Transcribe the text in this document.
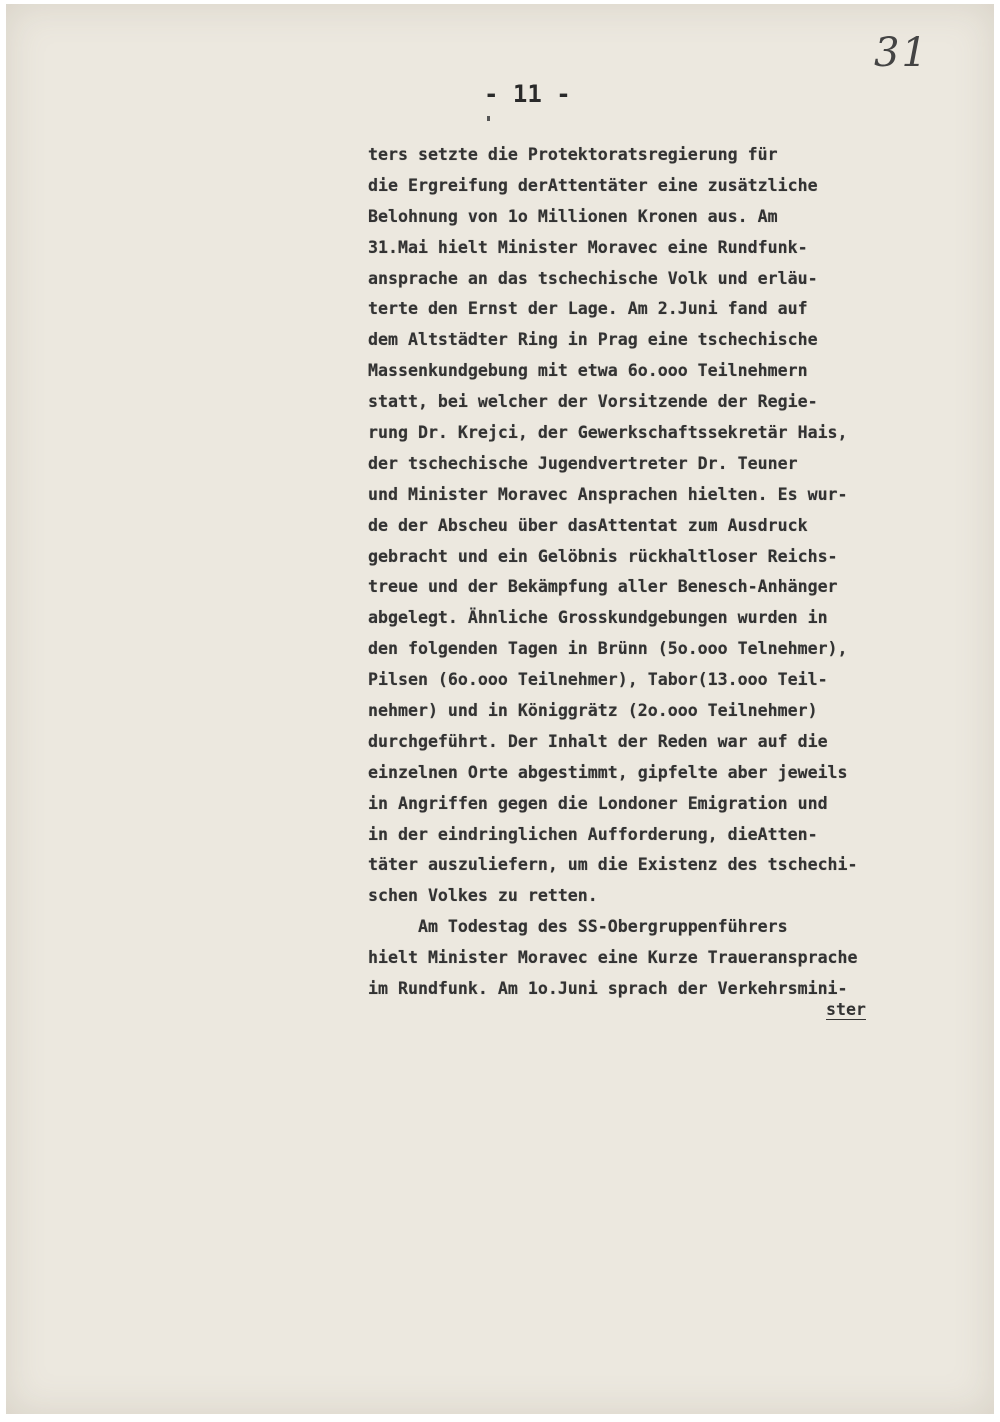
31
- 11 -
ters setzte die Protektoratsregierung für
die Ergreifung derAttentäter eine zusätzliche
Belohnung von 1o Millionen Kronen aus. Am
31.Mai hielt Minister Moravec eine Rundfunk-
ansprache an das tschechische Volk und erläu-
terte den Ernst der Lage. Am 2.Juni fand auf
dem Altstädter Ring in Prag eine tschechische
Massenkundgebung mit etwa 6o.ooo Teilnehmern
statt, bei welcher der Vorsitzende der Regie-
rung Dr. Krejci, der Gewerkschaftssekretär Hais,
der tschechische Jugendvertreter Dr. Teuner
und Minister Moravec Ansprachen hielten. Es wur-
de der Abscheu über dasAttentat zum Ausdruck
gebracht und ein Gelöbnis rückhaltloser Reichs-
treue und der Bekämpfung aller Benesch-Anhänger
abgelegt. Ähnliche Grosskundgebungen wurden in
den folgenden Tagen in Brünn (5o.ooo Telnehmer),
Pilsen (6o.ooo Teilnehmer), Tabor(13.ooo Teil-
nehmer) und in Königgrätz (2o.ooo Teilnehmer)
durchgeführt. Der Inhalt der Reden war auf die
einzelnen Orte abgestimmt, gipfelte aber jeweils
in Angriffen gegen die Londoner Emigration und
in der eindringlichen Aufforderung, dieAtten-
täter auszuliefern, um die Existenz des tschechi-
schen Volkes zu retten.
Am Todestag des SS-Obergruppenführers
hielt Minister Moravec eine Kurze Traueransprache
im Rundfunk. Am 1o.Juni sprach der Verkehrsmini-
ster
